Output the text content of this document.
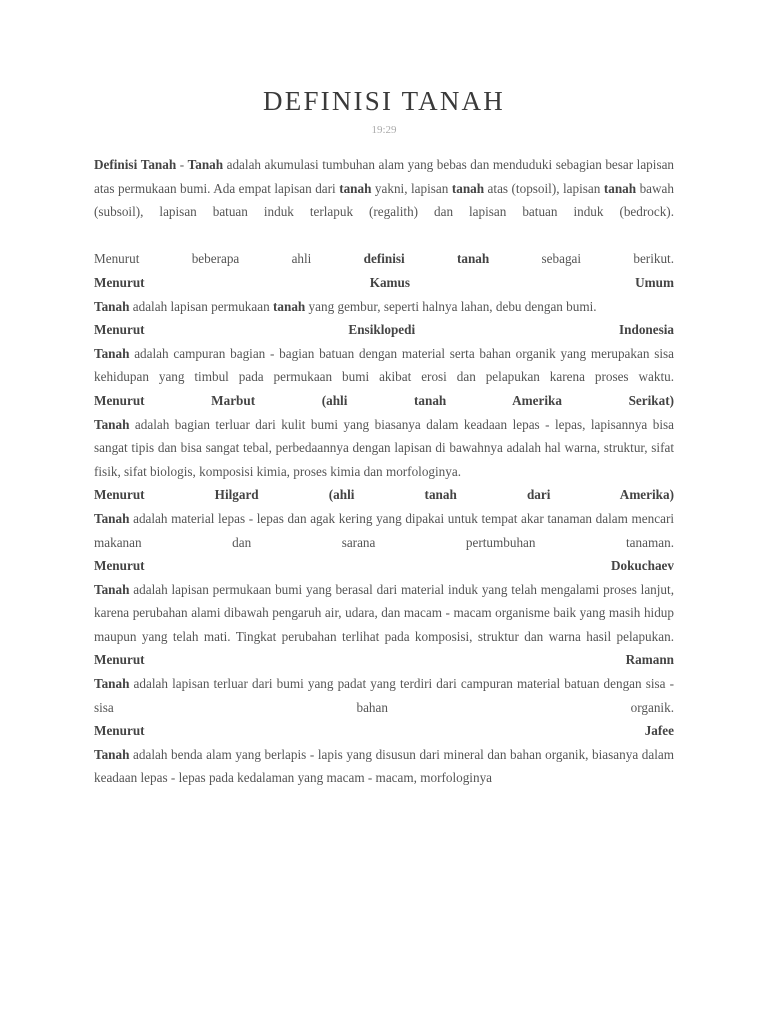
DEFINISI TANAH
19:29

Definisi Tanah - Tanah adalah akumulasi tumbuhan alam yang bebas dan menduduki sebagian besar lapisan atas permukaan bumi. Ada empat lapisan dari tanah yakni, lapisan tanah atas (topsoil), lapisan tanah bawah (subsoil), lapisan batuan induk terlapuk (regalith) dan lapisan batuan induk (bedrock).

Menurut beberapa ahli definisi	tanah sebagai berikut.

Menurut Kamus Umum

Tanah adalah lapisan permukaan tanah yang gembur, seperti halnya lahan, debu dengan bumi.

Menurut Ensiklopedi Indonesia

Tanah adalah campuran bagian - bagian batuan dengan material serta bahan organik yang merupakan sisa kehidupan yang timbul pada permukaan bumi akibat erosi dan pelapukan karena proses waktu.

Menurut Marbut (ahli tanah Amerika Serikat)

Tanah adalah bagian terluar dari kulit bumi yang biasanya dalam keadaan lepas - lepas, lapisannya bisa sangat tipis dan bisa sangat tebal, perbedaannya dengan lapisan di bawahnya adalah hal warna, struktur, sifat fisik, sifat biologis, komposisi kimia, proses kimia dan morfologinya.

Menurut Hilgard (ahli tanah dari Amerika)

Tanah adalah material lepas - lepas dan agak kering yang dipakai untuk tempat akar tanaman dalam mencari makanan dan sarana pertumbuhan tanaman.

Menurut Dokuchaev

Tanah adalah lapisan permukaan bumi yang berasal dari material induk yang telah mengalami proses lanjut, karena perubahan alami dibawah pengaruh air, udara, dan macam - macam organisme baik yang masih hidup maupun yang telah mati. Tingkat perubahan terlihat pada komposisi, struktur dan warna hasil pelapukan.

Menurut Ramann

Tanah adalah lapisan terluar dari bumi yang padat yang terdiri dari campuran material batuan dengan sisa - sisa bahan organik.

Menurut Jafee

Tanah adalah benda alam yang berlapis - lapis yang disusun dari mineral dan bahan organik, biasanya dalam keadaan lepas - lepas pada kedalaman yang macam - macam, morfologinya
